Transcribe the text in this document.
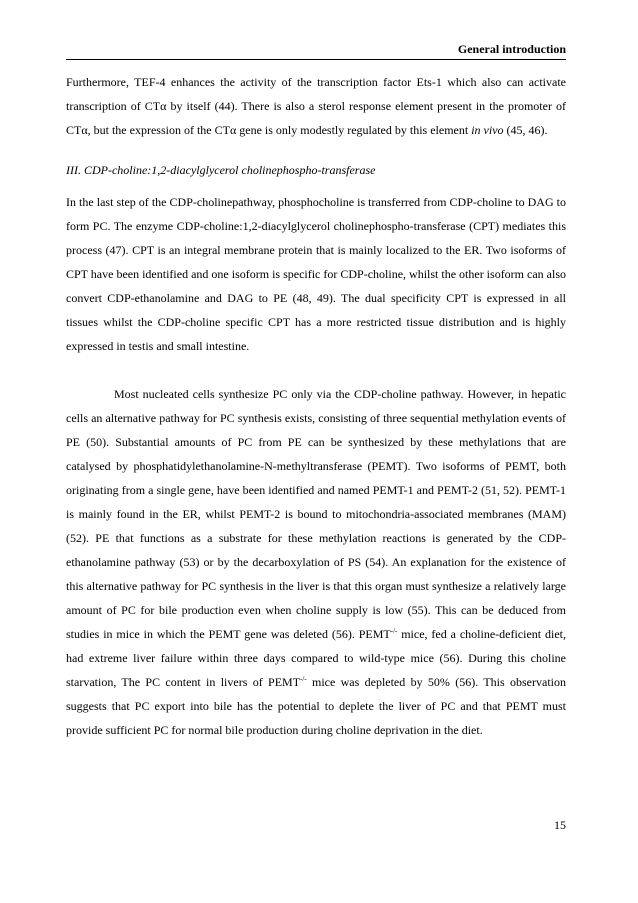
General introduction

Furthermore, TEF-4 enhances the activity of the transcription factor Ets-1 which also can activate transcription of CTα by itself (44). There is also a sterol response element present in the promoter of CTα, but the expression of the CTα gene is only modestly regulated by this element in vivo (45, 46).

III. CDP-choline:1,2-diacylglycerol cholinephospho-transferase

In the last step of the CDP-cholinepathway, phosphocholine is transferred from CDP-choline to DAG to form PC. The enzyme CDP-choline:1,2-diacylglycerol cholinephospho-transferase (CPT) mediates this process (47). CPT is an integral membrane protein that is mainly localized to the ER. Two isoforms of CPT have been identified and one isoform is specific for CDP-choline, whilst the other isoform can also convert CDP-ethanolamine and DAG to PE (48, 49). The dual specificity CPT is expressed in all tissues whilst the CDP-choline specific CPT has a more restricted tissue distribution and is highly expressed in testis and small intestine.

Most nucleated cells synthesize PC only via the CDP-choline pathway. However, in hepatic cells an alternative pathway for PC synthesis exists, consisting of three sequential methylation events of PE (50). Substantial amounts of PC from PE can be synthesized by these methylations that are catalysed by phosphatidylethanolamine-N-methyltransferase (PEMT). Two isoforms of PEMT, both originating from a single gene, have been identified and named PEMT-1 and PEMT-2 (51, 52). PEMT-1 is mainly found in the ER, whilst PEMT-2 is bound to mitochondria-associated membranes (MAM) (52). PE that functions as a substrate for these methylation reactions is generated by the CDP-ethanolamine pathway (53) or by the decarboxylation of PS (54). An explanation for the existence of this alternative pathway for PC synthesis in the liver is that this organ must synthesize a relatively large amount of PC for bile production even when choline supply is low (55). This can be deduced from studies in mice in which the PEMT gene was deleted (56). PEMT-/- mice, fed a choline-deficient diet, had extreme liver failure within three days compared to wild-type mice (56). During this choline starvation, The PC content in livers of PEMT-/- mice was depleted by 50% (56). This observation suggests that PC export into bile has the potential to deplete the liver of PC and that PEMT must provide sufficient PC for normal bile production during choline deprivation in the diet.

15
